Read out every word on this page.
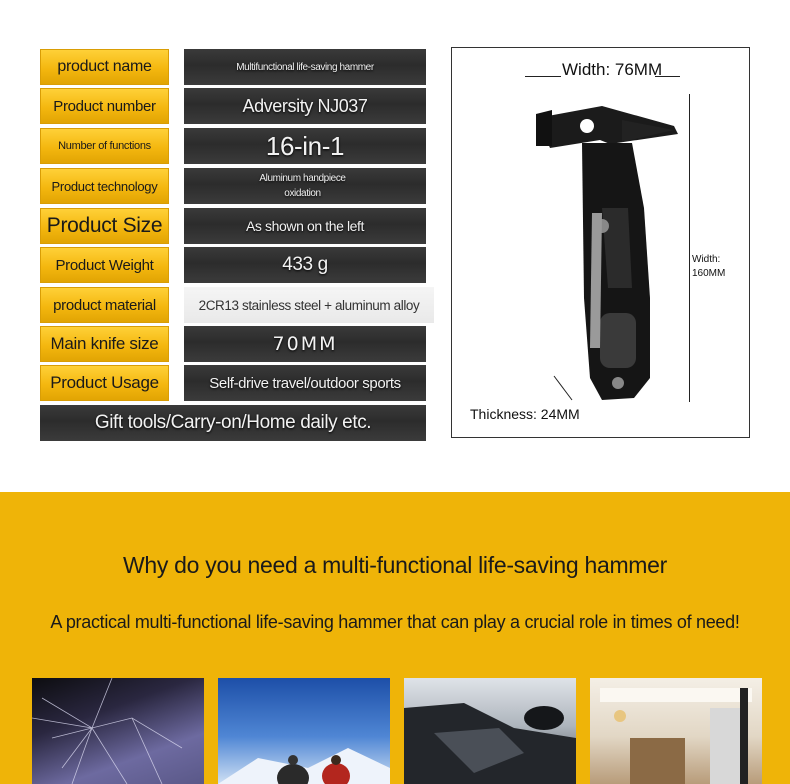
product name	Multifunctional life-saving hammer
Product number	Adversity NJ037
Number of functions	16-in-1
Product technology	Aluminum handpiece oxidation
Product Size	As shown on the left
Product Weight	433 g
product material	2CR13 stainless steel + aluminum alloy
Main knife size	70MM
Product Usage	Self-drive travel/outdoor sports
Gift tools/Carry-on/Home daily etc.
Width: 76MM
Width:
160MM
Thickness: 24MM
Why do you need a multi-functional life-saving hammer

A practical multi-functional life-saving hammer that can play a crucial role in times of need!
